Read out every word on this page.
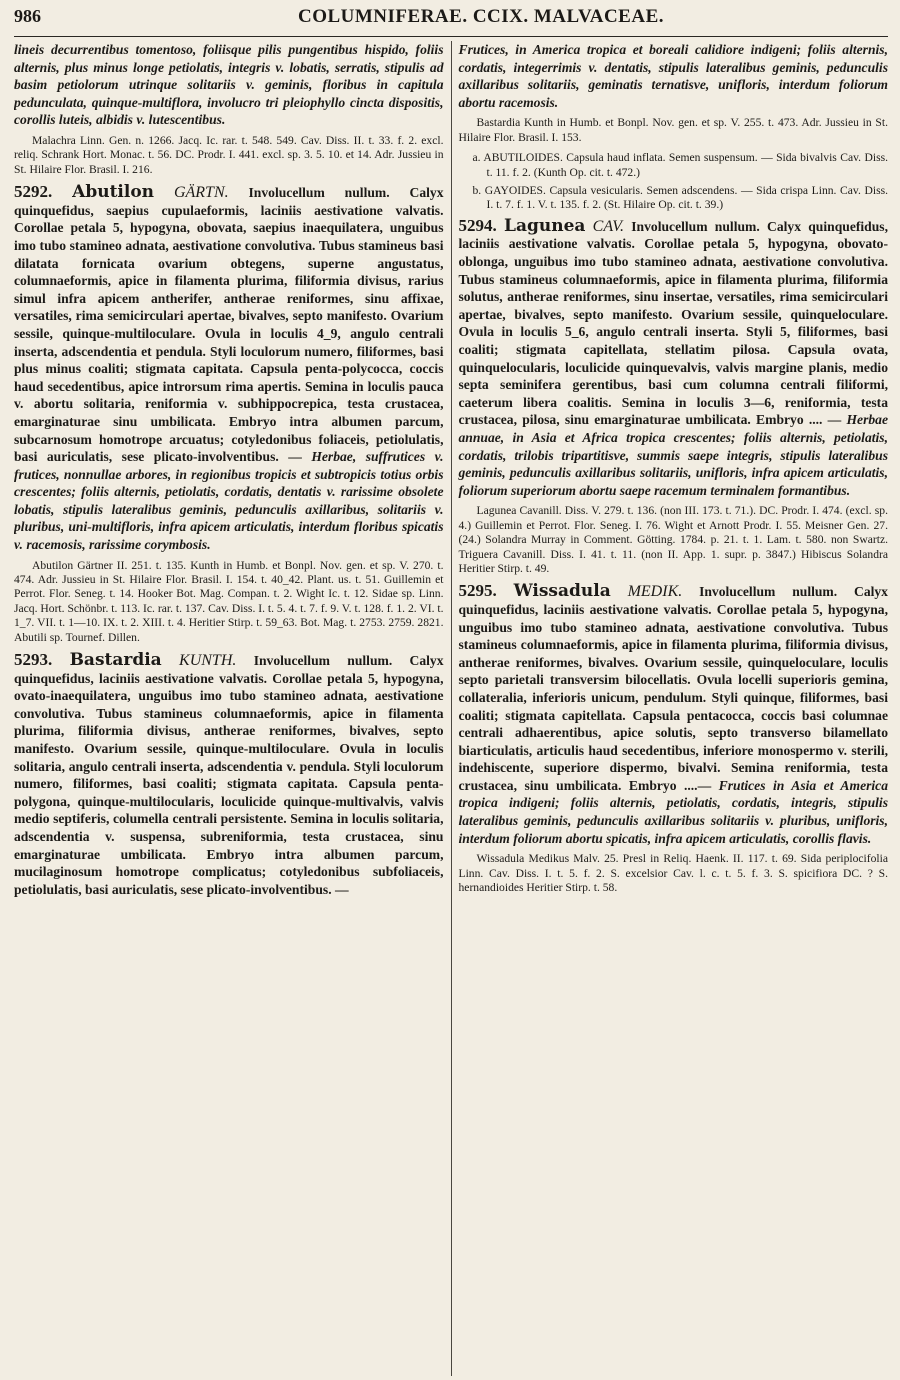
986	COLUMNIFERAE. CCIX. MALVACEAE.

lineis decurrentibus tomentoso, foliisque pilis pungentibus hispido, foliis alternis, plus minus longe petiolatis, integris v. lobatis, serratis, stipulis ad basim petiolorum utrinque solitariis v. geminis, floribus in capitula pedunculata, quinque-multiflora, involucro tri pleiophyllo cincta dispositis, corollis luteis, albidis v. lutescentibus.

Malachra Linn. Gen. n. 1266. Jacq. Ic. rar. t. 548. 549. Cav. Diss. II. t. 33. f. 2. excl. reliq. Schrank Hort. Monac. t. 56. DC. Prodr. I. 441. excl. sp. 3. 5. 10. et 14. Adr. Jussieu in St. Hilaire Flor. Brasil. I. 216.

5292. Abutilon GÄRTN. Involucellum nullum. Calyx quinquefidus, saepius cupulaeformis, laciniis aestivatione valvatis. Corollae petala 5, hypogyna, obovata, saepius inaequilatera, unguibus imo tubo stamineo adnata, aestivatione convolutiva. Tubus stamineus basi dilatata fornicata ovarium obtegens, superne angustatus, columnaeformis, apice in filamenta plurima, filiformia divisus, rarius simul infra apicem antherifer, antherae reniformes, sinu affixae, versatiles, rima semicirculari apertae, bivalves, septo manifesto. Ovarium sessile, quinque-multiloculare. Ovula in loculis 4_9, angulo centrali inserta, adscendentia et pendula. Styli loculorum numero, filiformes, basi plus minus coaliti; stigmata capitata. Capsula penta-polycocca, coccis haud secedentibus, apice introrsum rima apertis. Semina in loculis pauca v. abortu solitaria, reniformia v. subhippocrepica, testa crustacea, emarginaturae sinu umbilicata. Embryo intra albumen parcum, subcarnosum homotrope arcuatus; cotyledonibus foliaceis, petiolulatis, basi auriculatis, sese plicato-involventibus. — Herbae, suffrutices v. frutices, nonnullae arbores, in regionibus tropicis et subtropicis totius orbis crescentes; foliis alternis, petiolatis, cordatis, dentatis v. rarissime obsolete lobatis, stipulis lateralibus geminis, pedunculis axillaribus, solitariis v. pluribus, uni-multifloris, infra apicem articulatis, interdum floribus spicatis v. racemosis, rarissime corymbosis.

Abutilon Gärtner II. 251. t. 135. Kunth in Humb. et Bonpl. Nov. gen. et sp. V. 270. t. 474. Adr. Jussieu in St. Hilaire Flor. Brasil. I. 154. t. 40_42. Plant. us. t. 51. Guillemin et Perrot. Flor. Seneg. t. 14. Hooker Bot. Mag. Compan. t. 2. Wight Ic. t. 12. Sidae sp. Linn. Jacq. Hort. Schönbr. t. 113. Ic. rar. t. 137. Cav. Diss. I. t. 5. 4. t. 7. f. 9. V. t. 128. f. 1. 2. VI. t. 1_7. VII. t. 1—10. IX. t. 2. XIII. t. 4. Heritier Stirp. t. 59_63. Bot. Mag. t. 2753. 2759. 2821. Abutili sp. Tournef. Dillen.

5293. Bastardia KUNTH. Involucellum nullum. Calyx quinquefidus, laciniis aestivatione valvatis. Corollae petala 5, hypogyna, ovato-inaequilatera, unguibus imo tubo stamineo adnata, aestivatione convolutiva. Tubus stamineus columnaeformis, apice in filamenta plurima, filiformia divisus, antherae reniformes, bivalves, septo manifesto. Ovarium sessile, quinque-multiloculare. Ovula in loculis solitaria, angulo centrali inserta, adscendentia v. pendula. Styli loculorum numero, filiformes, basi coaliti; stigmata capitata. Capsula penta-polygona, quinque-multilocularis, loculicide quinque-multivalvis, valvis medio septiferis, columella centrali persistente. Semina in loculis solitaria, adscendentia v. suspensa, subreniformia, testa crustacea, sinu emarginaturae umbilicata. Embryo intra albumen parcum, mucilaginosum homotrope complicatus; cotyledonibus subfoliaceis, petiolulatis, basi auriculatis, sese plicato-involventibus. —

Frutices, in America tropica et boreali calidiore indigeni; foliis alternis, cordatis, integerrimis v. dentatis, stipulis lateralibus geminis, pedunculis axillaribus solitariis, geminatis ternatisve, unifloris, interdum foliorum abortu racemosis.

Bastardia Kunth in Humb. et Bonpl. Nov. gen. et sp. V. 255. t. 473. Adr. Jussieu in St. Hilaire Flor. Brasil. I. 153.

a. ABUTILOIDES. Capsula haud inflata. Semen suspensum. — Sida bivalvis Cav. Diss. t. 11. f. 2. (Kunth Op. cit. t. 472.)

b. GAYOIDES. Capsula vesicularis. Semen adscendens. — Sida crispa Linn. Cav. Diss. I. t. 7. f. 1. V. t. 135. f. 2. (St. Hilaire Op. cit. t. 39.)

5294. Lagunea CAV. Involucellum nullum. Calyx quinquefidus, laciniis aestivatione valvatis. Corollae petala 5, hypogyna, obovato-oblonga, unguibus imo tubo stamineo adnata, aestivatione convolutiva. Tubus stamineus columnaeformis, apice in filamenta plurima, filiformia solutus, antherae reniformes, sinu insertae, versatiles, rima semicirculari apertae, bivalves, septo manifesto. Ovarium sessile, quinqueloculare. Ovula in loculis 5_6, angulo centrali inserta. Styli 5, filiformes, basi coaliti; stigmata capitellata, stellatim pilosa. Capsula ovata, quinquelocularis, loculicide quinquevalvis, valvis margine planis, medio septa seminifera gerentibus, basi cum columna centrali filiformi, caeterum libera coalitis. Semina in loculis 3—6, reniformia, testa crustacea, pilosa, sinu emarginaturae umbilicata. Embryo .... — Herbae annuae, in Asia et Africa tropica crescentes; foliis alternis, petiolatis, cordatis, trilobis tripartitisve, summis saepe integris, stipulis lateralibus geminis, pedunculis axillaribus solitariis, unifloris, infra apicem articulatis, foliorum superiorum abortu saepe racemum terminalem formantibus.

Lagunea Cavanill. Diss. V. 279. t. 136. (non III. 173. t. 71.). DC. Prodr. I. 474. (excl. sp. 4.) Guillemin et Perrot. Flor. Seneg. I. 76. Wight et Arnott Prodr. I. 55. Meisner Gen. 27. (24.) Solandra Murray in Comment. Götting. 1784. p. 21. t. 1. Lam. t. 580. non Swartz. Triguera Cavanill. Diss. I. 41. t. 11. (non II. App. 1. supr. p. 3847.) Hibiscus Solandra Heritier Stirp. t. 49.

5295. Wissadula MEDIK. Involucellum nullum. Calyx quinquefidus, laciniis aestivatione valvatis. Corollae petala 5, hypogyna, unguibus imo tubo stamineo adnata, aestivatione convolutiva. Tubus stamineus columnaeformis, apice in filamenta plurima, filiformia divisus, antherae reniformes, bivalves. Ovarium sessile, quinqueloculare, loculis septo parietali transversim bilocellatis. Ovula locelli superioris gemina, collateralia, inferioris unicum, pendulum. Styli quinque, filiformes, basi coaliti; stigmata capitellata. Capsula pentacocca, coccis basi columnae centrali adhaerentibus, apice solutis, septo transverso bilamellato biarticulatis, articulis haud secedentibus, inferiore monospermo v. sterili, indehiscente, superiore dispermo, bivalvi. Semina reniformia, testa crustacea, sinu umbilicata. Embryo ....— Frutices in Asia et America tropica indigeni; foliis alternis, petiolatis, cordatis, integris, stipulis lateralibus geminis, pedunculis axillaribus solitariis v. pluribus, unifloris, interdum foliorum abortu spicatis, infra apicem articulatis, corollis flavis.

Wissadula Medikus Malv. 25. Presl in Reliq. Haenk. II. 117. t. 69. Sida periplocifolia Linn. Cav. Diss. I. t. 5. f. 2. S. excelsior Cav. l. c. t. 5. f. 3. S. spicifiora DC. ? S. hernandioides Heritier Stirp. t. 58.
